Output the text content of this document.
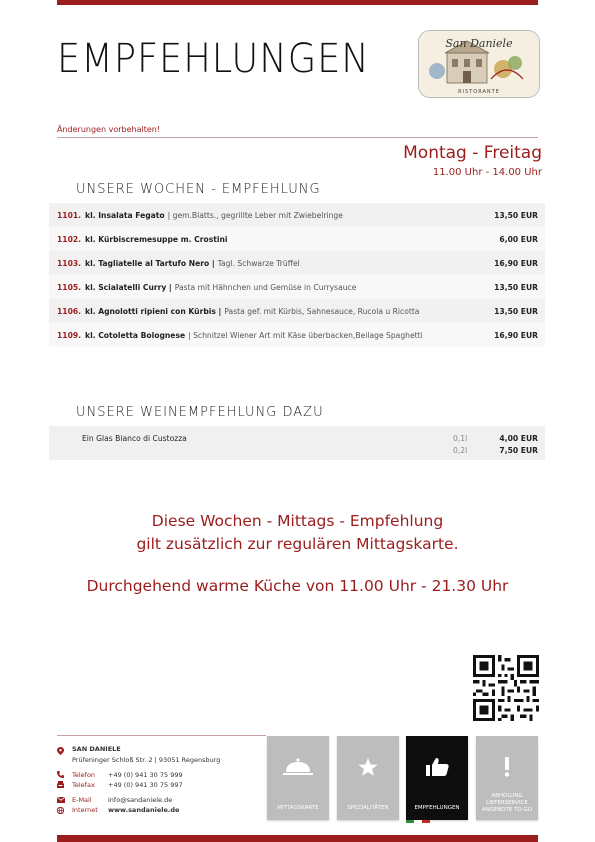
EMPFEHLUNGEN	San Daniele
RISTORANTE
Änderungen vorbehalten!
Montag - Freitag
11.00 Uhr - 14.00 Uhr
UNSERE WOCHEN - EMPFEHLUNG
1101. kl. Insalata Fegato | gem.Blatts., gegrillte Leber mit Zwiebelringe	13,50 EUR
1102. kl. Kürbiscremesuppe m. Crostini	6,00 EUR
1103. kl. Tagliatelle al Tartufo Nero | Tagl. Schwarze Trüffel	16,90 EUR
1105. kl. Scialatelli Curry | Pasta mit Hähnchen und Gemüse in Currysauce	13,50 EUR
1106. kl. Agnolotti ripieni con Kürbis | Pasta gef. mit Kürbis, Sahnesauce, Rucola u Ricotta	13,50 EUR
1109. kl. Cotoletta Bolognese | Schnitzel Wiener Art mit Käse überbacken,Beilage Spaghetti	16,90 EUR
UNSERE WEINEMPFEHLUNG DAZU
Ein Glas Bianco di Custozza	0,1l	4,00 EUR
0,2l	7,50 EUR
Diese Wochen - Mittags - Empfehlung
gilt zusätzlich zur regulären Mittagskarte.
Durchgehend warme Küche von 11.00 Uhr - 21.30 Uhr
SAN DANIELE
Prüfeninger Schloß Str. 2 | 93051 Regensburg
Telefon +49 (0) 941 30 75 999
Telefax +49 (0) 941 30 75 997
E-Mail	info@sandaniele.de
Internet www.sandaniele.de	MITTAGSKARTE	SPEZIALITÄTEN	EMPFEHLUNGEN
ABHOLUNG LIEFERSERVICE ANGEBOTE TO GO
